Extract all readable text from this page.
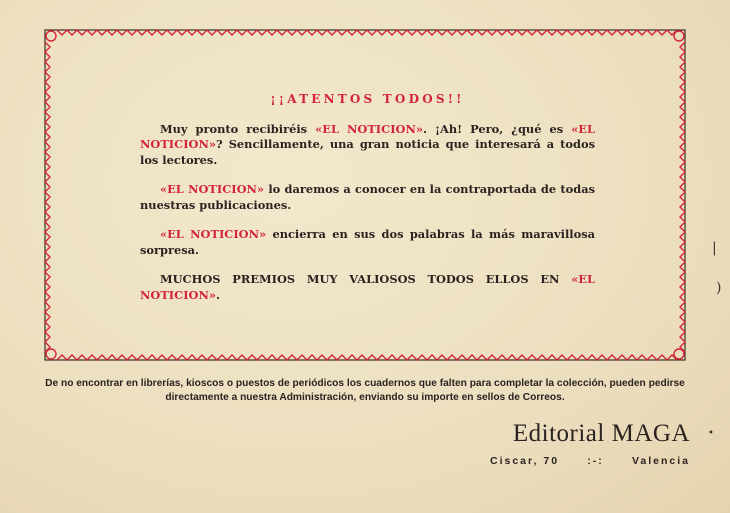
¡¡ATENTOS TODOS!!

Muy pronto recibiréis «EL NOTICION». ¡Ah! Pero, ¿qué es «EL NOTICION»? Sencillamente, una gran noticia que interesará a todos los lectores.

«EL NOTICION» lo daremos a conocer en la contraportada de todas nuestras publicaciones.

«EL NOTICION» encierra en sus dos palabras la más maravillosa sorpresa.

MUCHOS PREMIOS MUY VALIOSOS TODOS ELLOS EN «EL NOTICION».

De no encontrar en librerías, kioscos o puestos de periódicos los cuadernos que falten para completar la colección, pueden pedirse directamente a nuestra Administración, enviando su importe en sellos de Correos.
Editorial MAGA
Ciscar, 70	:-:	Valencia
|
)
•
